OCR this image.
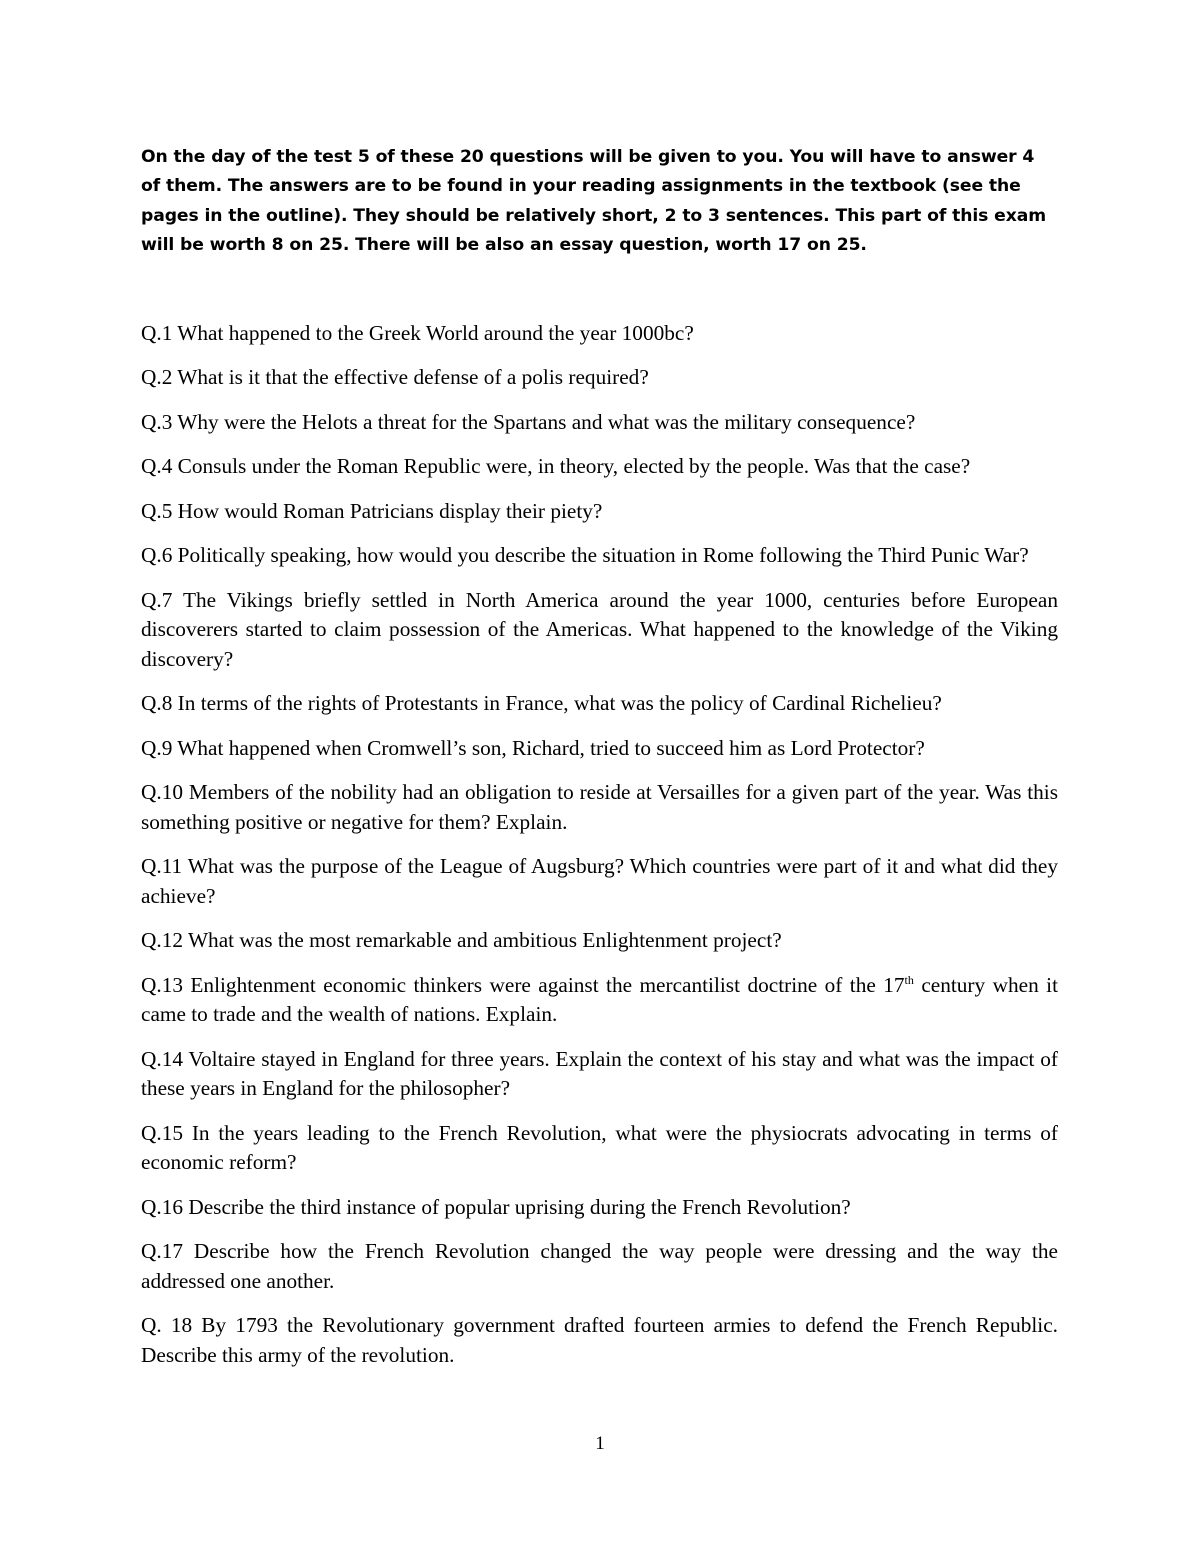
On the day of the test 5 of these 20 questions will be given to you. You will have to answer 4 of them. The answers are to be found in your reading assignments in the textbook (see the pages in the outline). They should be relatively short, 2 to 3 sentences. This part of this exam will be worth 8 on 25. There will be also an essay question, worth 17 on 25.

Q.1 What happened to the Greek World around the year 1000bc?

Q.2 What is it that the effective defense of a polis required?

Q.3 Why were the Helots a threat for the Spartans and what was the military consequence?

Q.4 Consuls under the Roman Republic were, in theory, elected by the people. Was that the case?

Q.5 How would Roman Patricians display their piety?

Q.6 Politically speaking, how would you describe the situation in Rome following the Third Punic War?

Q.7 The Vikings briefly settled in North America around the year 1000, centuries before European discoverers started to claim possession of the Americas. What happened to the knowledge of the Viking discovery?

Q.8 In terms of the rights of Protestants in France, what was the policy of Cardinal Richelieu?

Q.9 What happened when Cromwell’s son, Richard, tried to succeed him as Lord Protector?

Q.10 Members of the nobility had an obligation to reside at Versailles for a given part of the year. Was this something positive or negative for them? Explain.

Q.11 What was the purpose of the League of Augsburg? Which countries were part of it and what did they achieve?

Q.12 What was the most remarkable and ambitious Enlightenment project?

Q.13 Enlightenment economic thinkers were against the mercantilist doctrine of the 17th century when it came to trade and the wealth of nations. Explain.

Q.14 Voltaire stayed in England for three years. Explain the context of his stay and what was the impact of these years in England for the philosopher?

Q.15 In the years leading to the French Revolution, what were the physiocrats advocating in terms of economic reform?

Q.16 Describe the third instance of popular uprising during the French Revolution?

Q.17 Describe how the French Revolution changed the way people were dressing and the way the addressed one another.

Q. 18 By 1793 the Revolutionary government drafted fourteen armies to defend the French Republic. Describe this army of the revolution.

1
